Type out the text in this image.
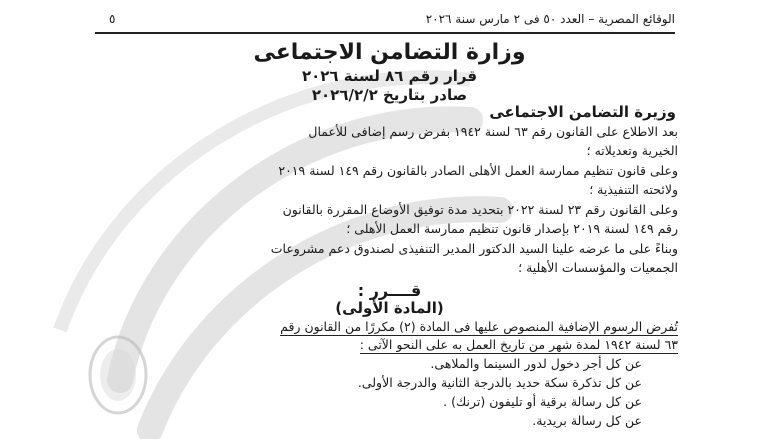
الوقائع المصرية – العدد ٥٠ فى ٢ مارس سنة ٢٠٢٦
٥
وزارة التضامن الاجتماعى
قرار رقم ٨٦ لسنة ٢٠٢٦
صادر بتاريخ ٢٠٢٦/٢/٢
وزيرة التضامن الاجتماعى
بعد الاطلاع على القانون رقم ٦٣ لسنة ١٩٤٢ بفرض رسم إضافى للأعمال
الخيرية وتعديلاته ؛
وعلى قانون تنظيم ممارسة العمل الأهلى الصادر بالقانون رقم ١٤٩ لسنة ٢٠١٩
ولائحته التنفيذية ؛
وعلى القانون رقم ٢٣ لسنة ٢٠٢٢ بتحديد مدة توفيق الأوضاع المقررة بالقانون
رقم ١٤٩ لسنة ٢٠١٩ بإصدار قانون تنظيم ممارسة العمل الأهلى ؛
وبناءً على ما عرضه علينا السيد الدكتور المدير التنفيذى لصندوق دعم مشروعات
الجمعيات والمؤسسات الأهلية ؛
قــــرر :
(المادة الأولى)
تُفرض الرسوم الإضافية المنصوص عليها فى المادة (٢) مكررًا من القانون رقم
٦٣ لسنة ١٩٤٢ لمدة شهر من تاريخ العمل به على النحو الآتى :
عن كل أجر دخول لدور السينما والملاهى.
عن كل تذكرة سكة حديد بالدرجة الثانية والدرجة الأولى.
عن كل رسالة برقية أو تليفون (ترنك) .
عن كل رسالة بريدية.
